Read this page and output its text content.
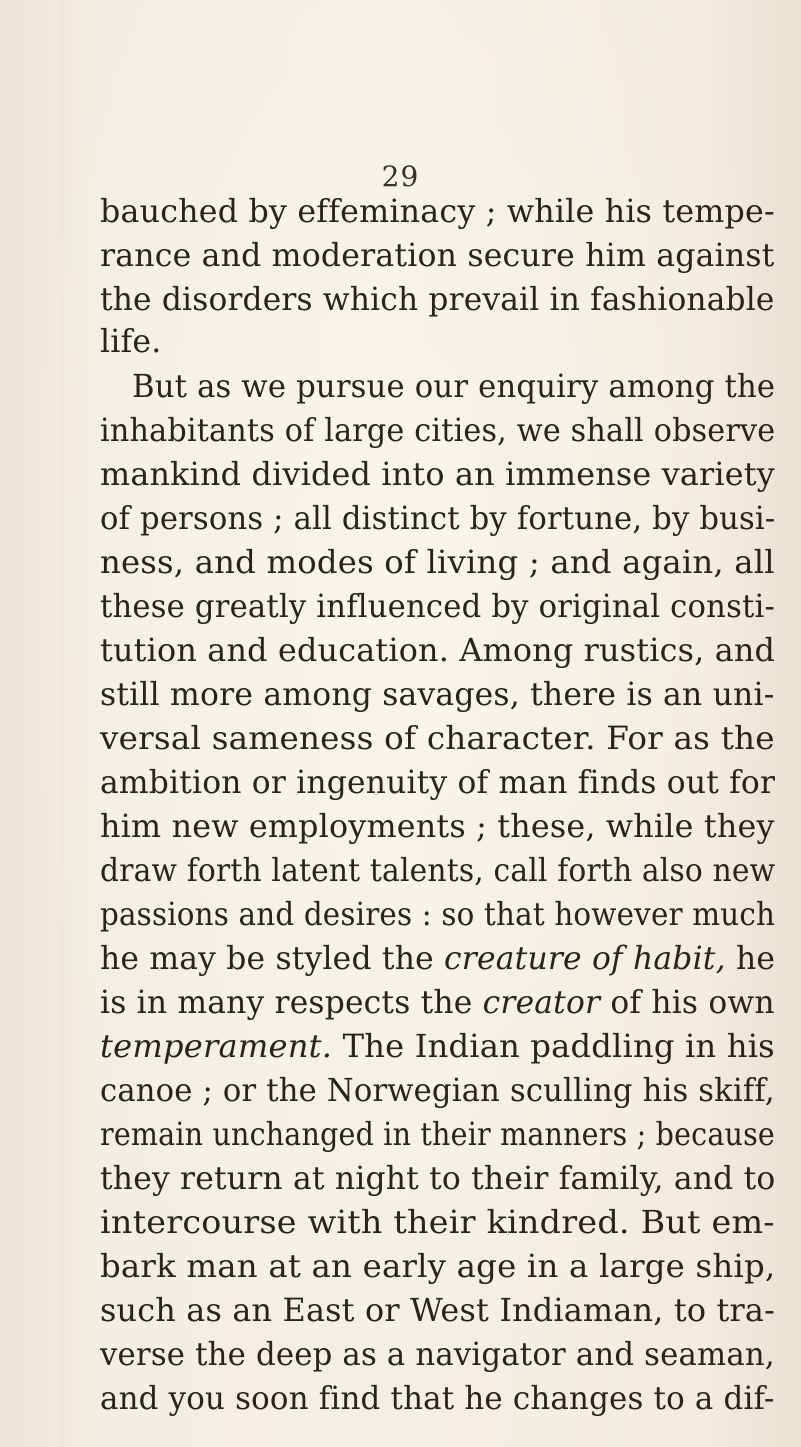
29
bauched by effeminacy ; while his tempe-
rance and moderation secure him against
the disorders which prevail in fashionable
life.
But as we pursue our enquiry among the
inhabitants of large cities, we shall observe
mankind divided into an immense variety
of persons ; all distinct by fortune, by busi-
ness, and modes of living ; and again, all
these greatly influenced by original consti-
tution and education. Among rustics, and
still more among savages, there is an uni-
versal sameness of character. For as the
ambition or ingenuity of man finds out for
him new employments ; these, while they
draw forth latent talents, call forth also new
passions and desires : so that however much
he may be styled the creature of habit, he
is in many respects the creator of his own
temperament. The Indian paddling in his
canoe ; or the Norwegian sculling his skiff,
remain unchanged in their manners ; because
they return at night to their family, and to
intercourse with their kindred. But em-
bark man at an early age in a large ship,
such as an East or West Indiaman, to tra-
verse the deep as a navigator and seaman,
and you soon find that he changes to a dif-
